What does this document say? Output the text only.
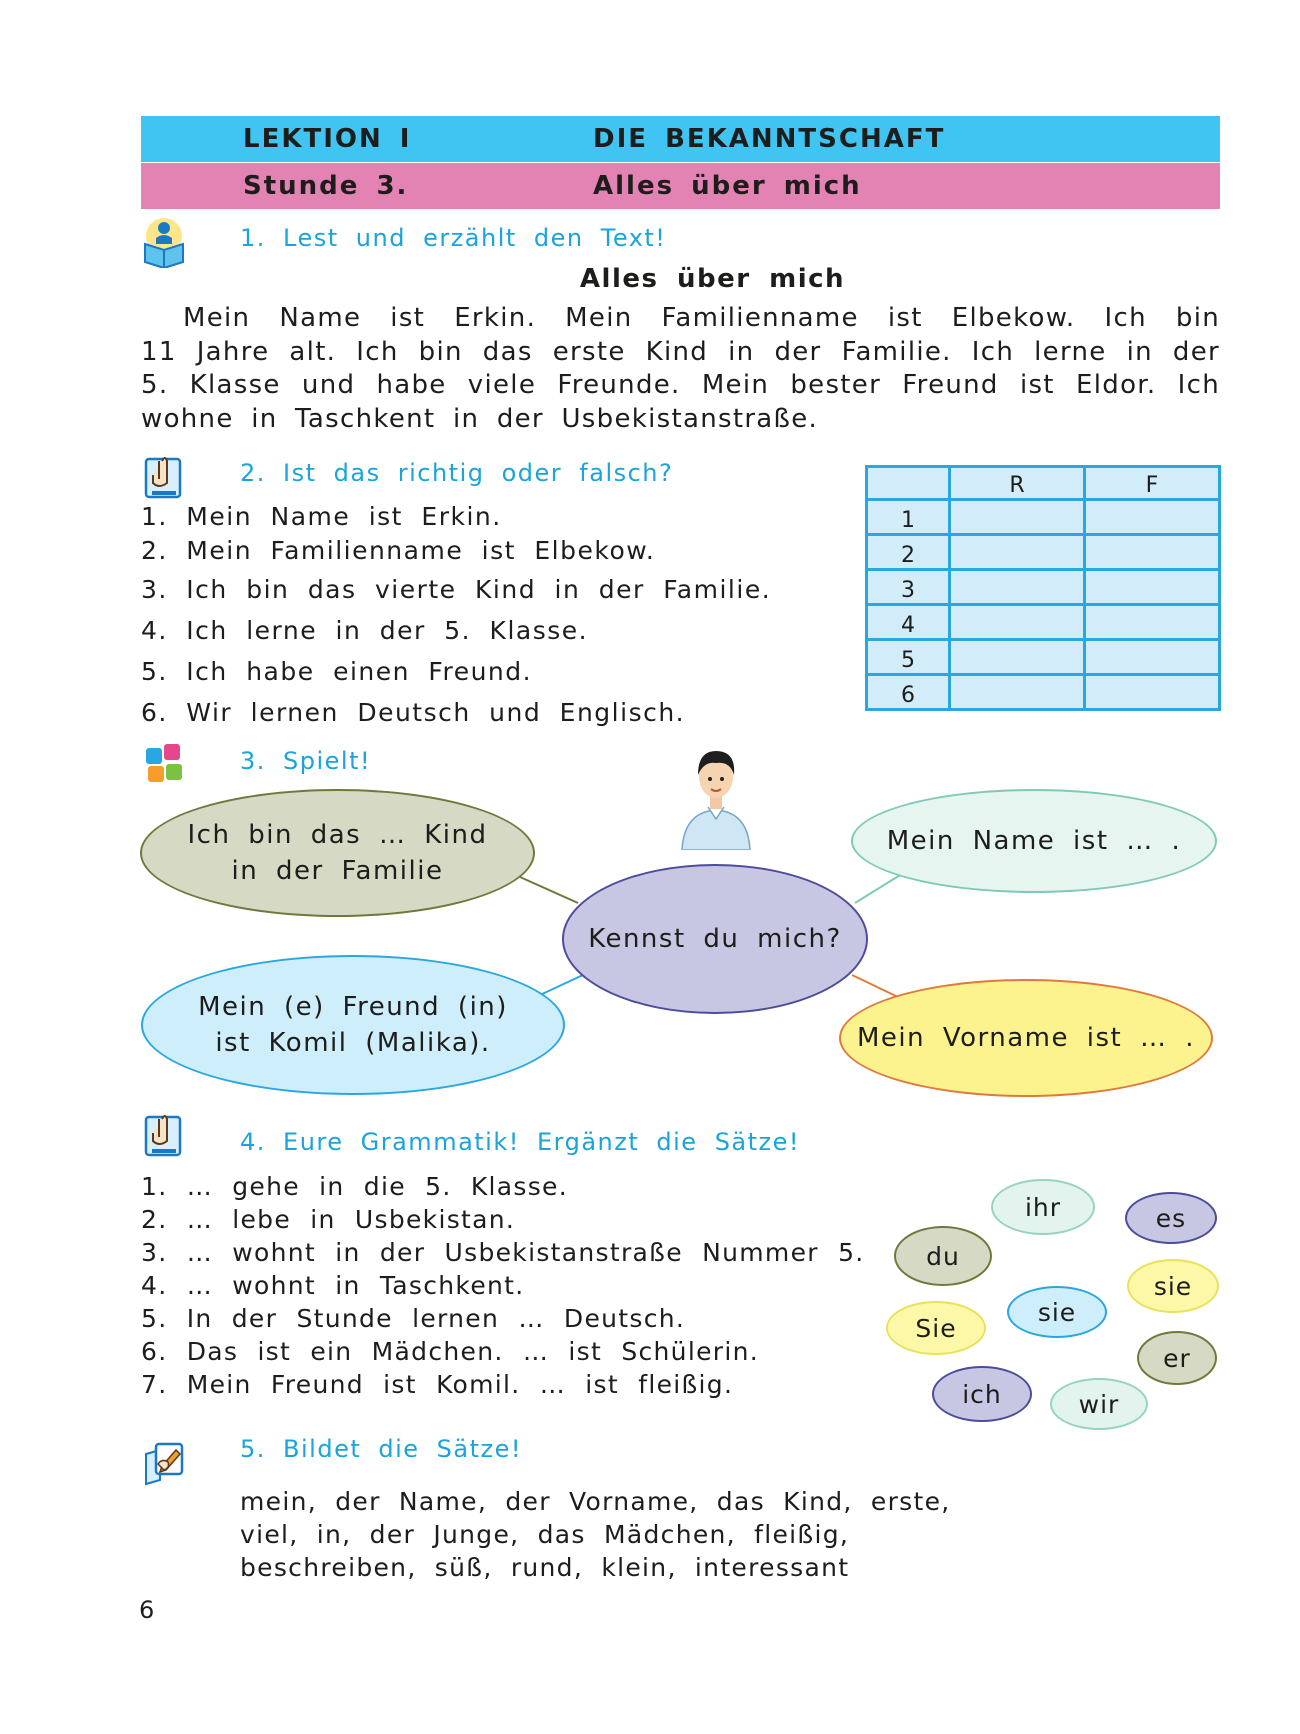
LEKTION I	DIE BEKANNTSCHAFT
Stunde 3.	Alles über mich
1. Lest und erzählt den Text!
Alles über mich
Mein Name ist Erkin. Mein Familienname ist Elbekow. Ich bin
11 Jahre alt. Ich bin das erste Kind in der Familie. Ich lerne in der
5. Klasse und habe viele Freunde. Mein bester Freund ist Eldor. Ich
wohne in Taschkent in der Usbekistanstraße.
2. Ist das richtig oder falsch?
1. Mein Name ist Erkin.
2. Mein Familienname ist Elbekow.
3. Ich bin das vierte Kind in der Familie.
4. Ich lerne in der 5. Klasse.
5. Ich habe einen Freund.
6. Wir lernen Deutsch und Englisch.
	R	F
1		
2		
3		
4		
5		
6		
3. Spielt!
Ich bin das … Kind in der Familie
Mein Name ist … .
Kennst du mich?
Mein (e) Freund (in) ist Komil (Malika).	Mein Vorname ist … .
4. Eure Grammatik! Ergänzt die Sätze!
1. … gehe in die 5. Klasse.
2. … lebe in Usbekistan.
3. … wohnt in der Usbekistanstraße Nummer 5.
4. … wohnt in Taschkent.
5. In der Stunde lernen … Deutsch.
6. Das ist ein Mädchen. … ist Schülerin.
7. Mein Freund ist Komil. … ist fleißig.
ihr	es
du
sie
sie
Sie
er
ich	wir
5. Bildet die Sätze!
mein, der Name, der Vorname, das Kind, erste,
viel, in, der Junge, das Mädchen, fleißig,
beschreiben, süß, rund, klein, interessant
6
